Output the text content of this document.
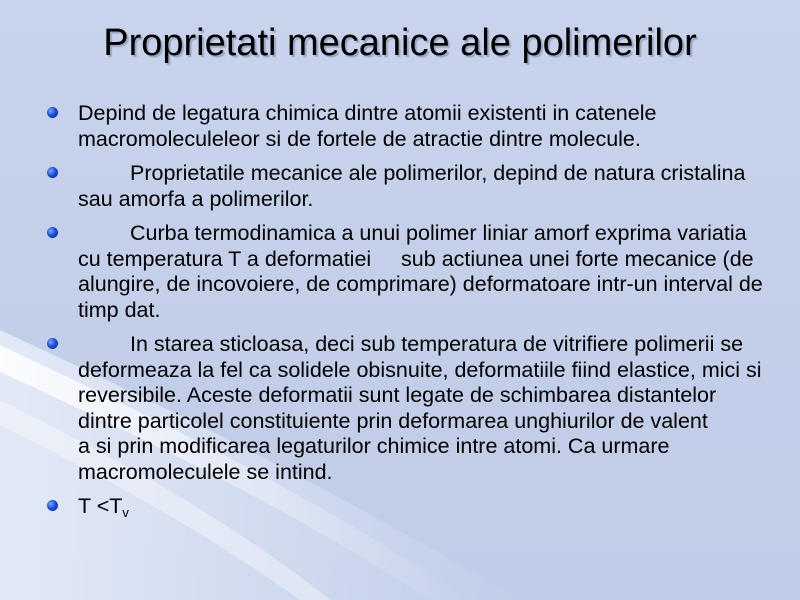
Proprietati mecanice ale polimerilor
Depind de legatura chimica dintre atomii existenti in catenele macromoleculeleor si de fortele de atractie dintre molecule.
Proprietatile mecanice ale polimerilor, depind de natura cristalina sau amorfa a polimerilor.
Curba termodinamica a unui polimer liniar amorf exprima variatia cu temperatura T a deformatiei     sub actiunea unei forte mecanice (de alungire, de incovoiere, de comprimare) deformatoare intr-un interval de timp dat.
In starea sticloasa, deci sub temperatura de vitrifiere polimerii se deformeaza la fel ca solidele obisnuite, deformatiile fiind elastice, mici si reversibile. Aceste deformatii sunt legate de schimbarea distantelor dintre particolel constituiente prin deformarea unghiurilor de valent        a si prin modificarea legaturilor chimice intre atomi. Ca urmare macromoleculele se intind.
$T <T_v$
